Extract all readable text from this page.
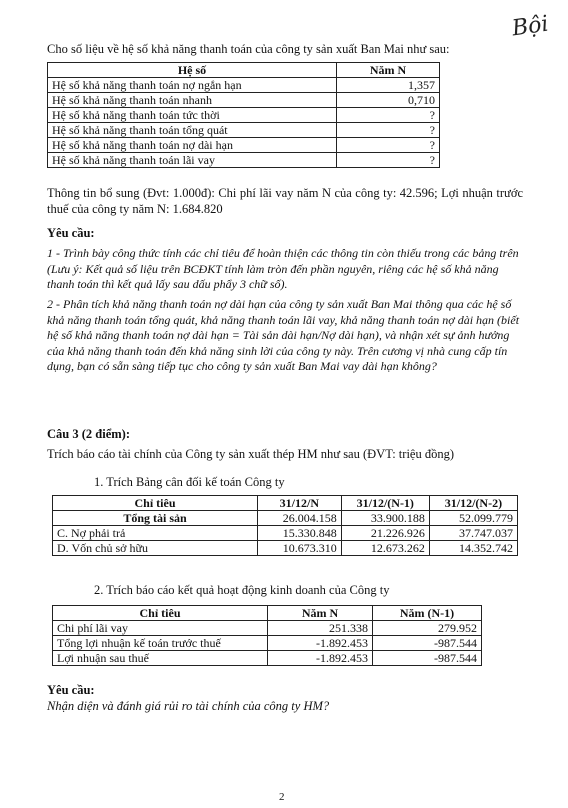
Bội

Cho số liệu về hệ số khả năng thanh toán của công ty sản xuất Ban Mai như sau:

Hệ số	Năm N
Hệ số khả năng thanh toán nợ ngắn hạn	1,357
Hệ số khả năng thanh toán nhanh	0,710
Hệ số khả năng thanh toán tức thời	?
Hệ số khả năng thanh toán tổng quát	?
Hệ số khả năng thanh toán nợ dài hạn	?
Hệ số khả năng thanh toán lãi vay	?

Thông tin bổ sung (Đvt: 1.000đ): Chi phí lãi vay năm N của công ty: 42.596; Lợi nhuận trước thuế của công ty năm N: 1.684.820

Yêu cầu:

1 - Trình bày công thức tính các chỉ tiêu để hoàn thiện các thông tin còn thiếu trong các bảng trên (Lưu ý: Kết quả số liệu trên BCĐKT tính làm tròn đến phần nguyên, riêng các hệ số khả năng thanh toán thì kết quả lấy sau dấu phẩy 3 chữ số).

2 - Phân tích khả năng thanh toán nợ dài hạn của công ty sản xuất Ban Mai thông qua các hệ số khả năng thanh toán tổng quát, khả năng thanh toán lãi vay, khả năng thanh toán nợ dài hạn (biết hệ số khả năng thanh toán nợ dài hạn = Tài sản dài hạn/Nợ dài hạn), và nhận xét sự ảnh hưởng của khả năng thanh toán đến khả năng sinh lời của công ty này. Trên cương vị nhà cung cấp tín dụng, bạn có sẵn sàng tiếp tục cho công ty sản xuất Ban Mai vay dài hạn không?

Câu 3 (2 điểm):

Trích báo cáo tài chính của Công ty sản xuất thép HM như sau (ĐVT: triệu đồng)

1. Trích Bảng cân đối kế toán Công ty

Chỉ tiêu	31/12/N	31/12/(N-1)	31/12/(N-2)
Tổng tài sản	26.004.158	33.900.188	52.099.779
C. Nợ phải trả	15.330.848	21.226.926	37.747.037
D. Vốn chủ sở hữu	10.673.310	12.673.262	14.352.742

2. Trích báo cáo kết quả hoạt động kinh doanh của Công ty

Chỉ tiêu	Năm N	Năm (N-1)
Chi phí lãi vay	251.338	279.952
Tổng lợi nhuận kế toán trước thuế	-1.892.453	-987.544
Lợi nhuận sau thuế	-1.892.453	-987.544

Yêu cầu:

Nhận diện và đánh giá rủi ro tài chính của công ty HM?

2
